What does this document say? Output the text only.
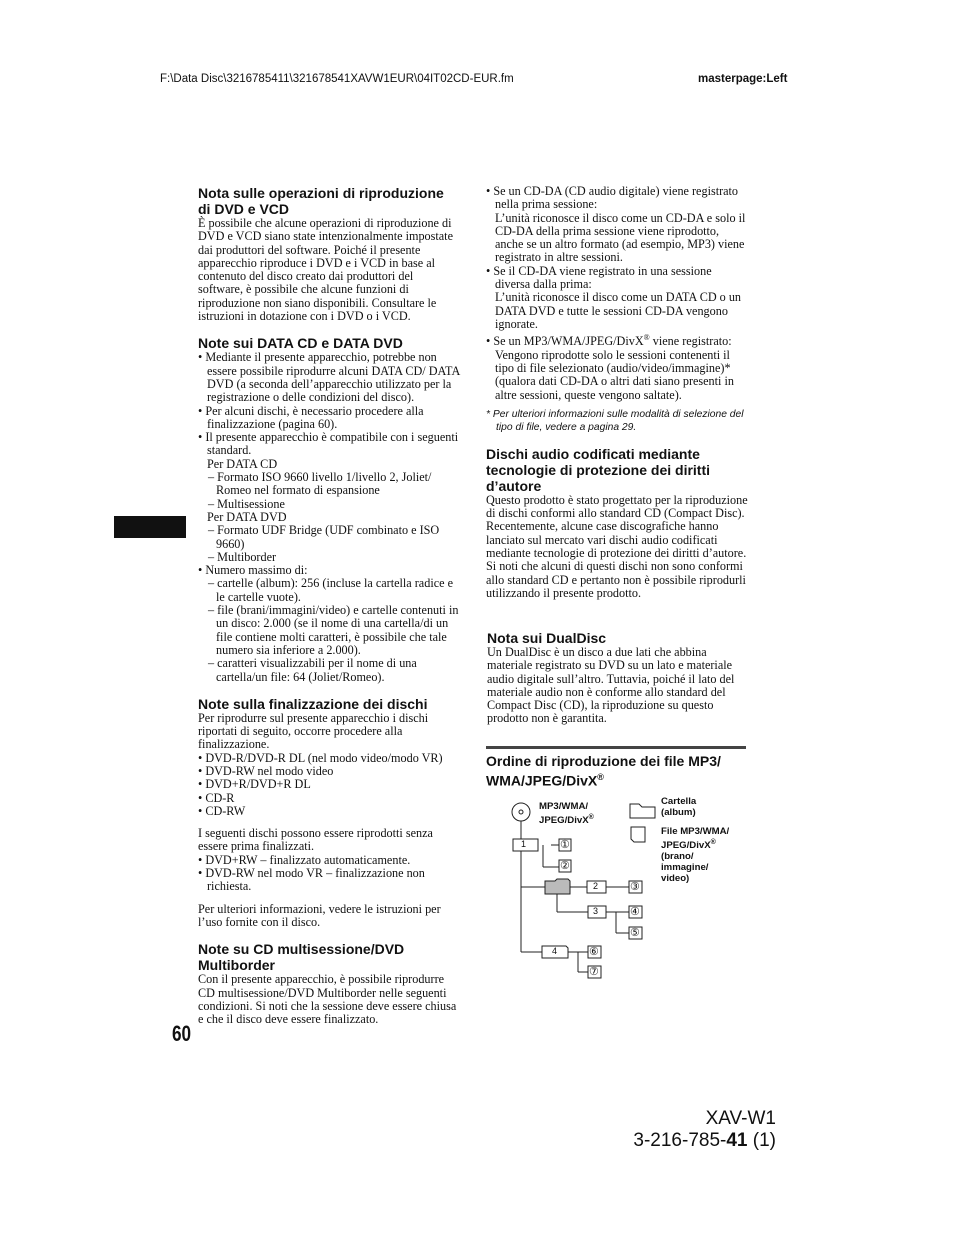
F:\Data Disc\3216785411\321678541XAVW1EUR\04IT02CD-EUR.fm	masterpage:Left
Nota sulle operazioni di riproduzione di DVD e VCD

È possibile che alcune operazioni di riproduzione di DVD e VCD siano state intenzionalmente impostate dai produttori del software. Poiché il presente apparecchio riproduce i DVD e i VCD in base al contenuto del disco creato dai produttori del software, è possibile che alcune funzioni di riproduzione non siano disponibili. Consultare le istruzioni in dotazione con i DVD o i VCD.

Note sui DATA CD e DATA DVD

• Mediante il presente apparecchio, potrebbe non essere possibile riprodurre alcuni DATA CD/ DATA DVD (a seconda dell’apparecchio utilizzato per la registrazione o delle condizioni del disco).

• Per alcuni dischi, è necessario procedere alla finalizzazione (pagina 60).

• Il presente apparecchio è compatibile con i seguenti standard.

Per DATA CD

– Formato ISO 9660 livello 1/livello 2, Joliet/ Romeo nel formato di espansione

– Multisessione

Per DATA DVD

– Formato UDF Bridge (UDF combinato e ISO 9660)

– Multiborder

• Numero massimo di:

– cartelle (album): 256 (incluse la cartella radice e le cartelle vuote).

– file (brani/immagini/video) e cartelle contenuti in un disco: 2.000 (se il nome di una cartella/di un file contiene molti caratteri, è possibile che tale numero sia inferiore a 2.000).

– caratteri visualizzabili per il nome di una cartella/un file: 64 (Joliet/Romeo).

Note sulla finalizzazione dei dischi

Per riprodurre sul presente apparecchio i dischi riportati di seguito, occorre procedere alla finalizzazione.

• DVD-R/DVD-R DL (nel modo video/modo VR)

• DVD-RW nel modo video

• DVD+R/DVD+R DL

• CD-R

• CD-RW

I seguenti dischi possono essere riprodotti senza essere prima finalizzati.

• DVD+RW – finalizzato automaticamente.

• DVD-RW nel modo VR – finalizzazione non richiesta.

Per ulteriori informazioni, vedere le istruzioni per l’uso fornite con il disco.

Note su CD multisessione/DVD Multiborder

Con il presente apparecchio, è possibile riprodurre CD multisessione/DVD Multiborder nelle seguenti condizioni. Si noti che la sessione deve essere chiusa e che il disco deve essere finalizzato.

• Se un CD-DA (CD audio digitale) viene registrato nella prima sessione:

L’unità riconosce il disco come un CD-DA e solo il CD-DA della prima sessione viene riprodotto, anche se un altro formato (ad esempio, MP3) viene registrato in altre sessioni.

• Se il CD-DA viene registrato in una sessione diversa dalla prima:

L’unità riconosce il disco come un DATA CD o un DATA DVD e tutte le sessioni CD-DA vengono ignorate.

• Se un MP3/WMA/JPEG/DivX® viene registrato:

Vengono riprodotte solo le sessioni contenenti il tipo di file selezionato (audio/video/immagine)* (qualora dati CD-DA o altri dati siano presenti in altre sessioni, queste vengono saltate).

* Per ulteriori informazioni sulle modalità di selezione del tipo di file, vedere a pagina 29.
Dischi audio codificati mediante tecnologie di protezione dei diritti d’autore

Questo prodotto è stato progettato per la riproduzione di dischi conformi allo standard CD (Compact Disc).

Recentemente, alcune case discografiche hanno lanciato sul mercato vari dischi audio codificati mediante tecnologie di protezione dei diritti d’autore. Si noti che alcuni di questi dischi non sono conformi allo standard CD e pertanto non è possibile riprodurli utilizzando il presente prodotto.

Nota sui DualDisc

Un DualDisc è un disco a due lati che abbina materiale registrato su DVD su un lato e materiale audio digitale sull’altro. Tuttavia, poiché il lato del materiale audio non è conforme allo standard del Compact Disc (CD), la riproduzione su questo prodotto non è garantita.

Ordine di riproduzione dei file MP3/
WMA/JPEG/DivX®
MP3/WMA/
JPEG/DivX®
Cartella
(album)
File MP3/WMA/
JPEG/DivX®
(brano/
immagine/
video)
1
2
3
4
①
②
③
④
⑤
⑥
⑦
60
XAV-W1
3-216-785-41 (1)
